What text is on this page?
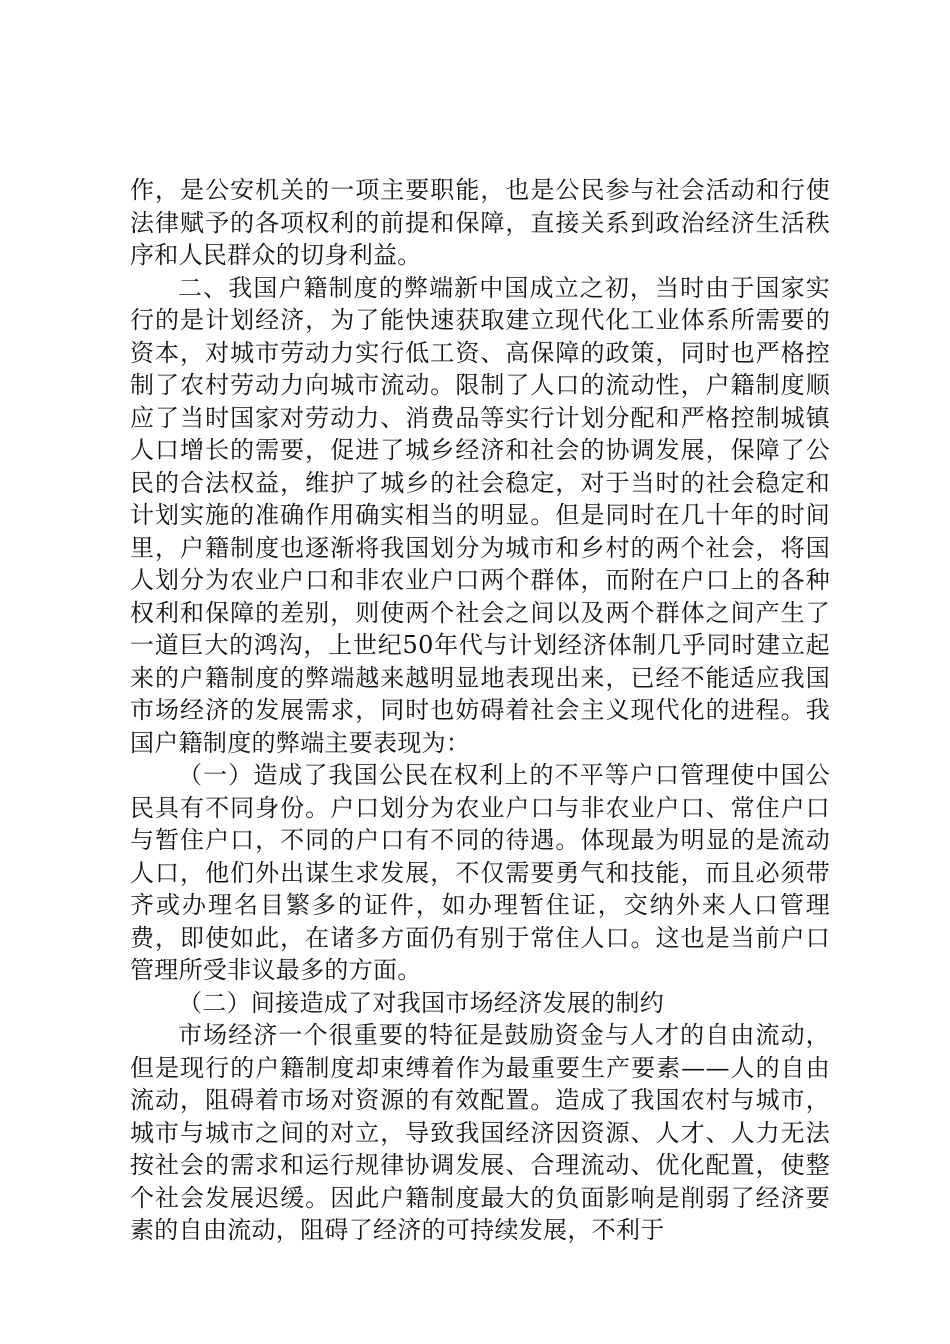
作，是公安机关的一项主要职能，也是公民参与社会活动和行使法律赋予的各项权利的前提和保障，直接关系到政治经济生活秩序和人民群众的切身利益。

二、我国户籍制度的弊端新中国成立之初，当时由于国家实行的是计划经济，为了能快速获取建立现代化工业体系所需要的资本，对城市劳动力实行低工资、高保障的政策，同时也严格控制了农村劳动力向城市流动。限制了人口的流动性，户籍制度顺应了当时国家对劳动力、消费品等实行计划分配和严格控制城镇人口增长的需要，促进了城乡经济和社会的协调发展，保障了公民的合法权益，维护了城乡的社会稳定，对于当时的社会稳定和计划实施的准确作用确实相当的明显。但是同时在几十年的时间里，户籍制度也逐渐将我国划分为城市和乡村的两个社会，将国人划分为农业户口和非农业户口两个群体，而附在户口上的各种权利和保障的差别，则使两个社会之间以及两个群体之间产生了一道巨大的鸿沟，上世纪50年代与计划经济体制几乎同时建立起来的户籍制度的弊端越来越明显地表现出来，已经不能适应我国市场经济的发展需求，同时也妨碍着社会主义现代化的进程。我国户籍制度的弊端主要表现为：

（一）造成了我国公民在权利上的不平等户口管理使中国公民具有不同身份。户口划分为农业户口与非农业户口、常住户口与暂住户口，不同的户口有不同的待遇。体现最为明显的是流动人口，他们外出谋生求发展，不仅需要勇气和技能，而且必须带齐或办理名目繁多的证件，如办理暂住证，交纳外来人口管理费，即使如此，在诸多方面仍有别于常住人口。这也是当前户口管理所受非议最多的方面。

（二）间接造成了对我国市场经济发展的制约

市场经济一个很重要的特征是鼓励资金与人才的自由流动，但是现行的户籍制度却束缚着作为最重要生产要素——人的自由流动，阻碍着市场对资源的有效配置。造成了我国农村与城市，城市与城市之间的对立，导致我国经济因资源、人才、人力无法按社会的需求和运行规律协调发展、合理流动、优化配置，使整个社会发展迟缓。因此户籍制度最大的负面影响是削弱了经济要素的自由流动，阻碍了经济的可持续发展，不利于
